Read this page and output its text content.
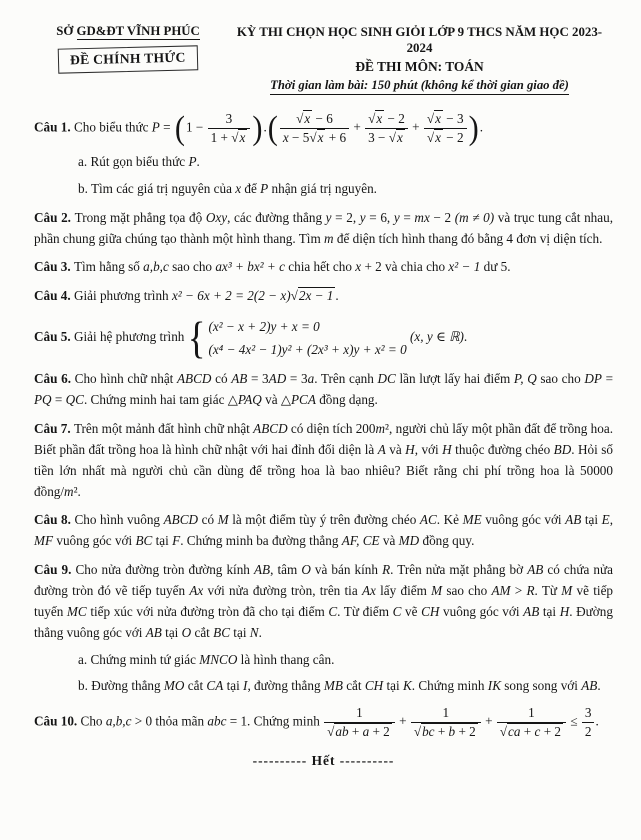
SỞ GD&ĐT VĨNH PHÚC
ĐỀ CHÍNH THỨC
KỲ THI CHỌN HỌC SINH GIỎI LỚP 9 THCS NĂM HỌC 2023-2024
ĐỀ THI MÔN: TOÁN
Thời gian làm bài: 150 phút (không kể thời gian giao đề)
Câu 1. Cho biểu thức P = ( $1 - \frac{3}{1 + √x}$ ) . ( $\frac{√x - 6}{x - 5√x + 6} + \frac{√x - 2}{3 - √x} + \frac{√x - 3}{√x - 2}$ ) .
a. Rút gọn biểu thức P.
b. Tìm các giá trị nguyên của x để P nhận giá trị nguyên.
Câu 2. Trong mặt phẳng tọa độ Oxy, các đường thẳng y = 2, y = 6, y = mx − 2 (m ≠ 0) và trục tung cắt nhau, phần chung giữa chúng tạo thành một hình thang. Tìm m để diện tích hình thang đó bằng 4 đơn vị diện tích.
Câu 3. Tìm hằng số a,b,c sao cho ax³ + bx² + c chia hết cho x + 2 và chia cho x² − 1 dư 5.
Câu 4. Giải phương trình x² − 6x + 2 = 2(2 − x)√2x − 1 .
Câu 5. Giải hệ phương trình { (x² − x + 2)y + x = 0
(x⁴ − 4x² − 1)y² + (2x³ + x)y + x² = 0
(x, y ∈ ℝ).
Câu 6. Cho hình chữ nhật ABCD có AB = 3AD = 3a. Trên cạnh DC lần lượt lấy hai điểm P, Q sao cho DP = PQ = QC. Chứng minh hai tam giác △PAQ và △PCA đồng dạng.
Câu 7. Trên một mảnh đất hình chữ nhật ABCD có diện tích 200m², người chủ lấy một phần đất để trồng hoa. Biết phần đất trồng hoa là hình chữ nhật với hai đỉnh đối diện là A và H, với H thuộc đường chéo BD. Hỏi số tiền lớn nhất mà người chủ cần dùng để trồng hoa là bao nhiêu? Biết rằng chi phí trồng hoa là 50000 đồng/m².
Câu 8. Cho hình vuông ABCD có M là một điểm tùy ý trên đường chéo AC. Kẻ ME vuông góc với AB tại E, MF vuông góc với BC tại F. Chứng minh ba đường thẳng AF, CE và MD đồng quy.
Câu 9. Cho nửa đường tròn đường kính AB, tâm O và bán kính R. Trên nửa mặt phẳng bờ AB có chứa nửa đường tròn đó vẽ tiếp tuyến Ax với nửa đường tròn, trên tia Ax lấy điểm M sao cho AM > R. Từ M vẽ tiếp tuyến MC tiếp xúc với nửa đường tròn đã cho tại điểm C. Từ điểm C vẽ CH vuông góc với AB tại H. Đường thẳng vuông góc với AB tại O cắt BC tại N.
a. Chứng minh tứ giác MNCO là hình thang cân.
b. Đường thẳng MO cắt CA tại I, đường thẳng MB cắt CH tại K. Chứng minh IK song song với AB.
Câu 10. Cho a,b,c > 0 thỏa mãn abc = 1. Chứng minh $\frac{1}{√ab + a + 2} + \frac{1}{√bc + b + 2} + \frac{1}{√ca + c + 2} \le \frac{3}{2}$ .
---------- Hết ----------
